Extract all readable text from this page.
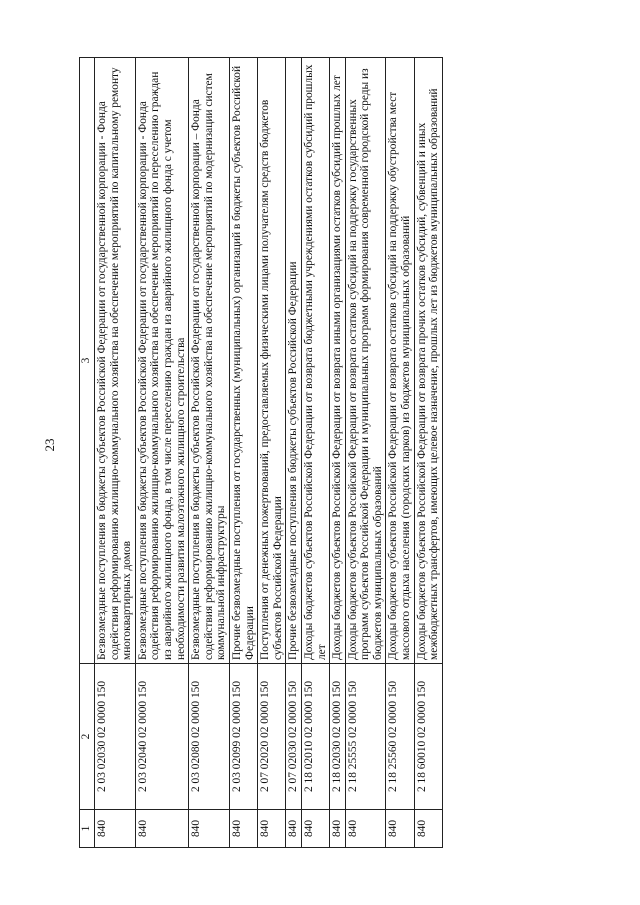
23
1	2	3
840	2 03 02030 02 0000 150	Безвозмездные поступления в бюджеты субъектов Российской Федерации от государственной корпорации - Фонда содействия реформированию жилищно-коммунального хозяйства на обеспечение мероприятий по капитальному ремонту многоквартирных домов
840	2 03 02040 02 0000 150	Безвозмездные поступления в бюджеты субъектов Российской Федерации от государственной корпорации - Фонда содействия реформированию жилищно-коммунального хозяйства на обеспечение мероприятий по переселению граждан из аварийного жилищного фонда, в том числе переселению граждан из аварийного жилищного фонда с учетом необходимости развития малоэтажного жилищного строительства
840	2 03 02080 02 0000 150	Безвозмездные поступления в бюджеты субъектов Российской Федерации от государственной корпорации – Фонда содействия реформированию жилищно-коммунального хозяйства на обеспечение мероприятий по модернизации систем коммунальной инфраструктуры
840	2 03 02099 02 0000 150	Прочие безвозмездные поступления от государственных (муниципальных) организаций в бюджеты субъектов Российской Федерации
840	2 07 02020 02 0000 150	Поступления от денежных пожертвований, предоставляемых физическими лицами получателям средств бюджетов субъектов Российской Федерации
840	2 07 02030 02 0000 150	Прочие безвозмездные поступления в бюджеты субъектов Российской Федерации
840	2 18 02010 02 0000 150	Доходы бюджетов субъектов Российской Федерации от возврата бюджетными учреждениями остатков субсидий прошлых лет
840	2 18 02030 02 0000 150	Доходы бюджетов субъектов Российской Федерации от возврата иными организациями остатков субсидий прошлых лет
840	2 18 25555 02 0000 150	Доходы бюджетов субъектов Российской Федерации от возврата остатков субсидий на поддержку государственных программ субъектов Российской Федерации и муниципальных программ формирования современной городской среды из бюджетов муниципальных образований
840	2 18 25560 02 0000 150	Доходы бюджетов субъектов Российской Федерации от возврата остатков субсидий на поддержку обустройства мест массового отдыха населения (городских парков) из бюджетов муниципальных образований
840	2 18 60010 02 0000 150	Доходы бюджетов субъектов Российской Федерации от возврата прочих остатков субсидий, субвенций и иных межбюджетных трансфертов, имеющих целевое назначение, прошлых лет из бюджетов муниципальных образований
